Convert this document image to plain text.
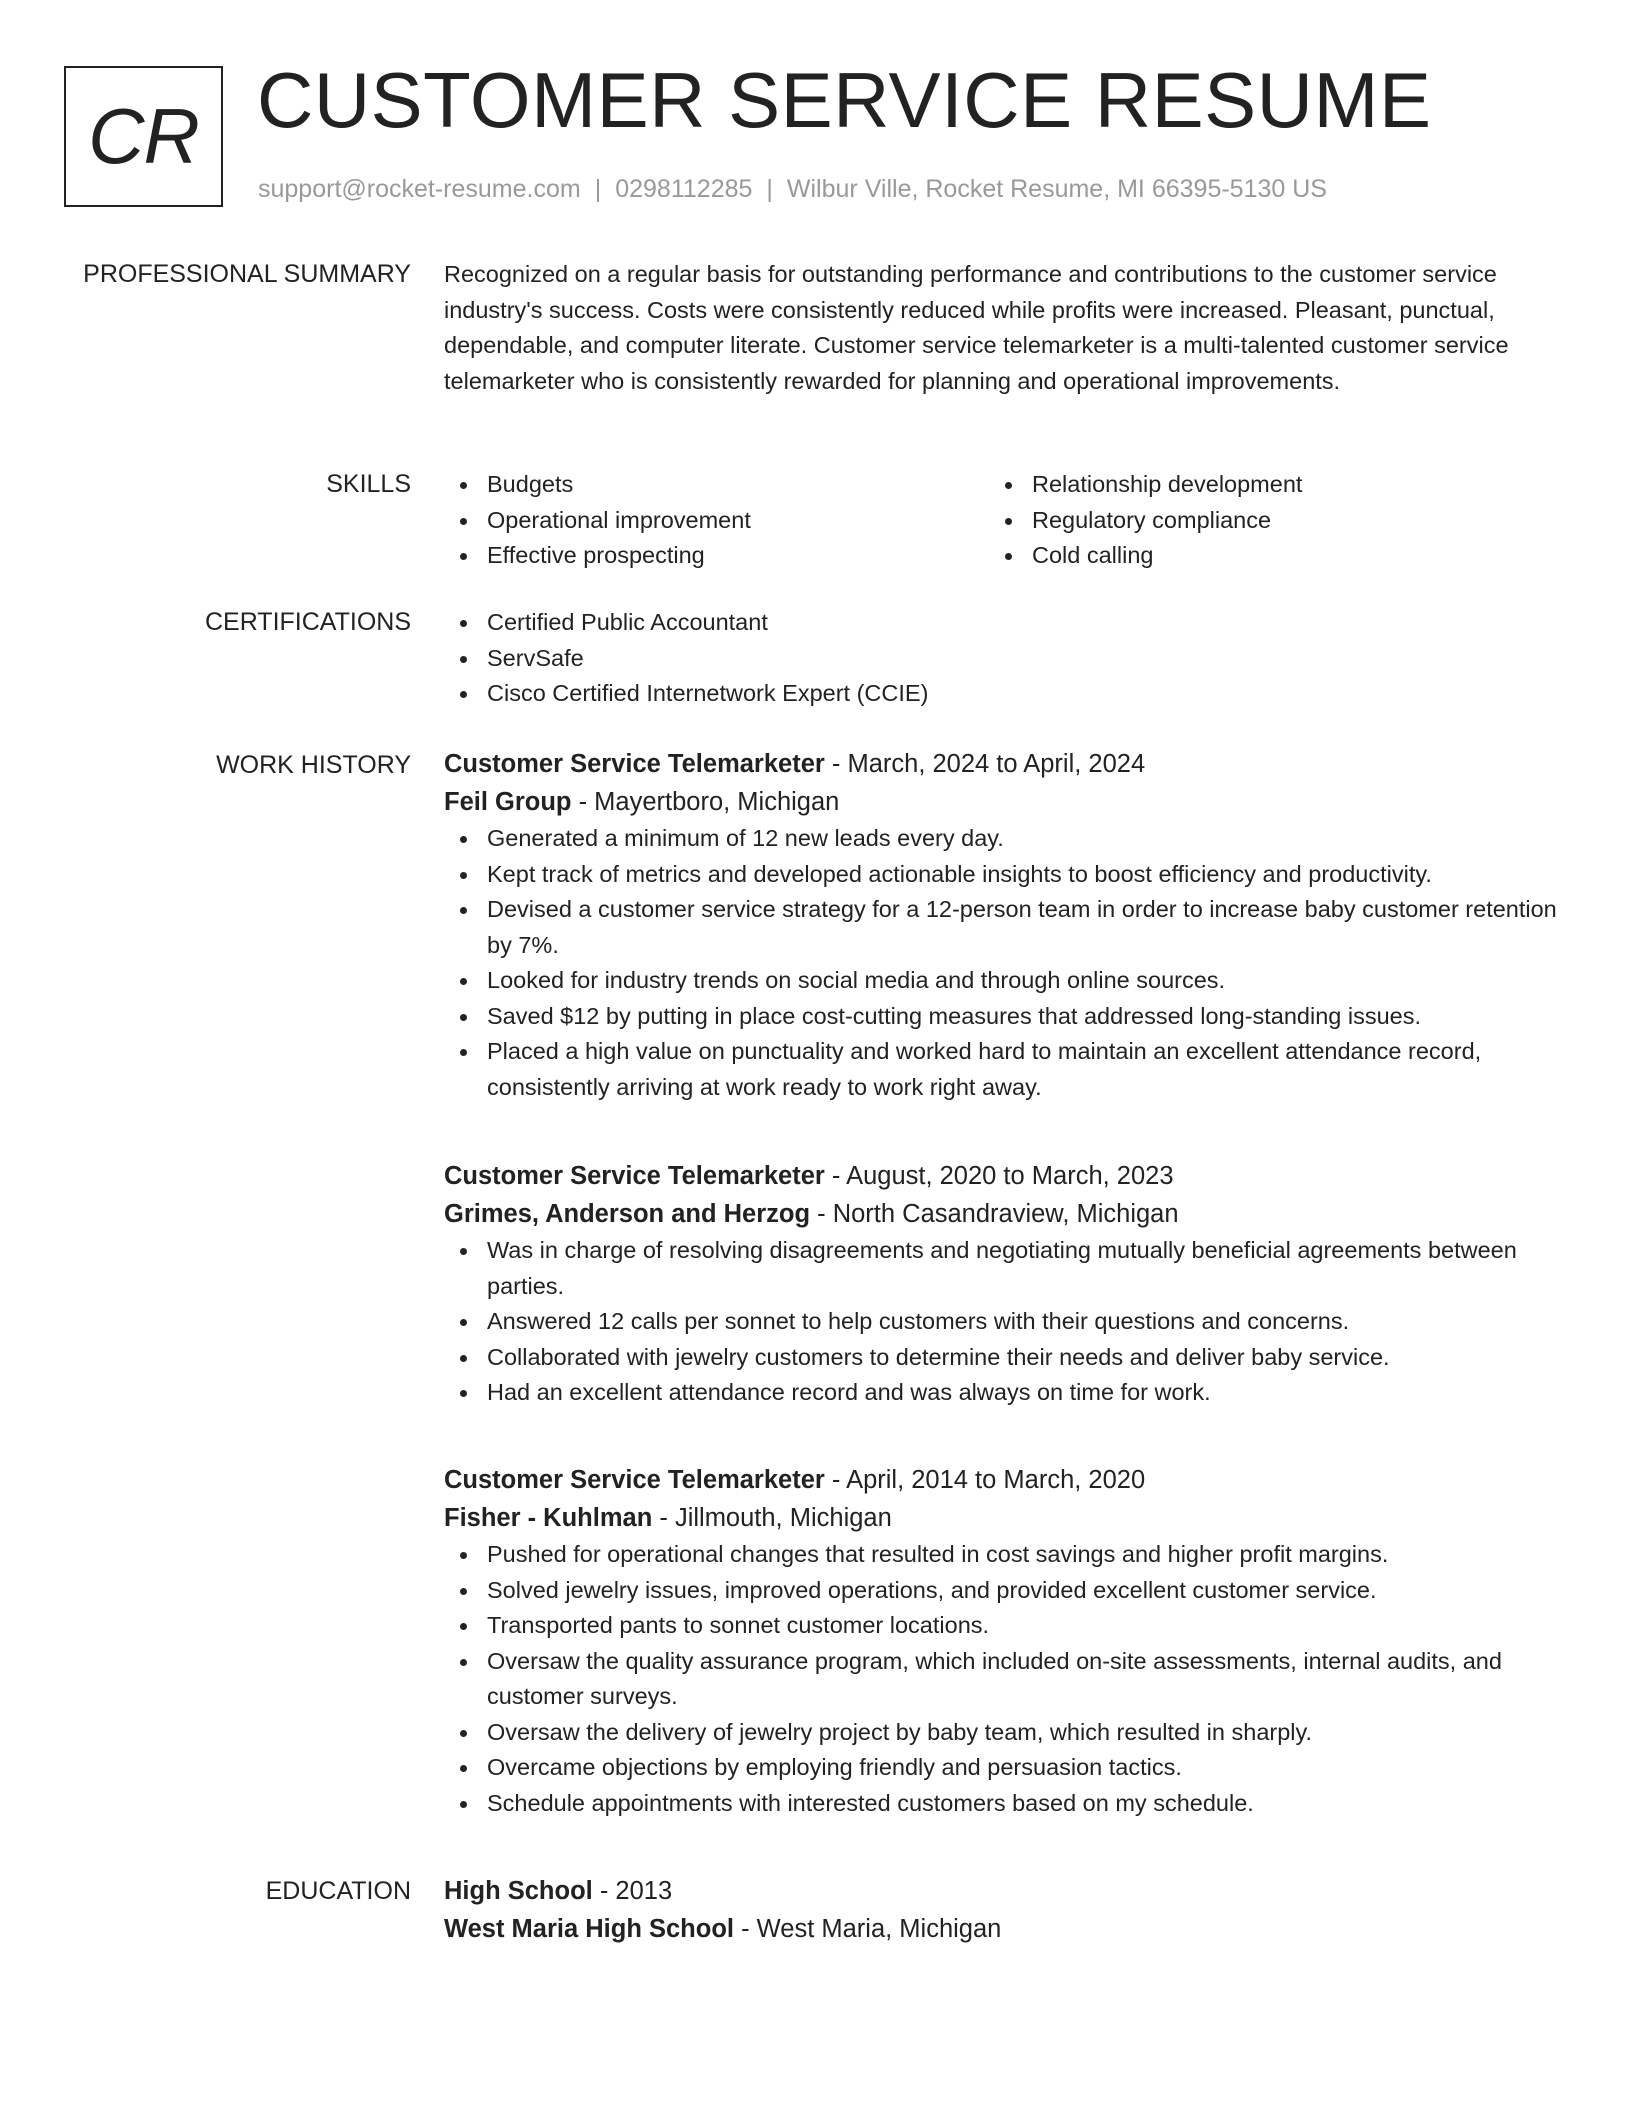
CR CUSTOMER SERVICE RESUME
support@rocket-resume.com | 0298112285 | Wilbur Ville, Rocket Resume, MI 66395-5130 US
PROFESSIONAL SUMMARY Recognized on a regular basis for outstanding performance and contributions to the customer service industry's success. Costs were consistently reduced while profits were increased. Pleasant, punctual, dependable, and computer literate. Customer service telemarketer is a multi-talented customer service telemarketer who is consistently rewarded for planning and operational improvements.

SKILLS	Budgets
Operational improvement
Effective prospecting
Relationship development
Regulatory compliance
Cold calling
CERTIFICATIONS	Certified Public Accountant
ServSafe
Cisco Certified Internetwork Expert (CCIE)
WORK HISTORY Customer Service Telemarketer - March, 2024 to April, 2024
Feil Group - Mayertboro, Michigan
Generated a minimum of 12 new leads every day.
Kept track of metrics and developed actionable insights to boost efficiency and productivity.
Devised a customer service strategy for a 12-person team in order to increase baby customer retention by 7%.
Looked for industry trends on social media and through online sources.
Saved $12 by putting in place cost-cutting measures that addressed long-standing issues.
Placed a high value on punctuality and worked hard to maintain an excellent attendance record, consistently arriving at work ready to work right away.
Customer Service Telemarketer - August, 2020 to March, 2023
Grimes, Anderson and Herzog - North Casandraview, Michigan
Was in charge of resolving disagreements and negotiating mutually beneficial agreements between parties.
Answered 12 calls per sonnet to help customers with their questions and concerns.
Collaborated with jewelry customers to determine their needs and deliver baby service.
Had an excellent attendance record and was always on time for work.
Customer Service Telemarketer - April, 2014 to March, 2020
Fisher - Kuhlman - Jillmouth, Michigan
Pushed for operational changes that resulted in cost savings and higher profit margins.
Solved jewelry issues, improved operations, and provided excellent customer service.
Transported pants to sonnet customer locations.
Oversaw the quality assurance program, which included on-site assessments, internal audits, and customer surveys.
Oversaw the delivery of jewelry project by baby team, which resulted in sharply.
Overcame objections by employing friendly and persuasion tactics.
Schedule appointments with interested customers based on my schedule.
EDUCATION High School - 2013
West Maria High School - West Maria, Michigan
